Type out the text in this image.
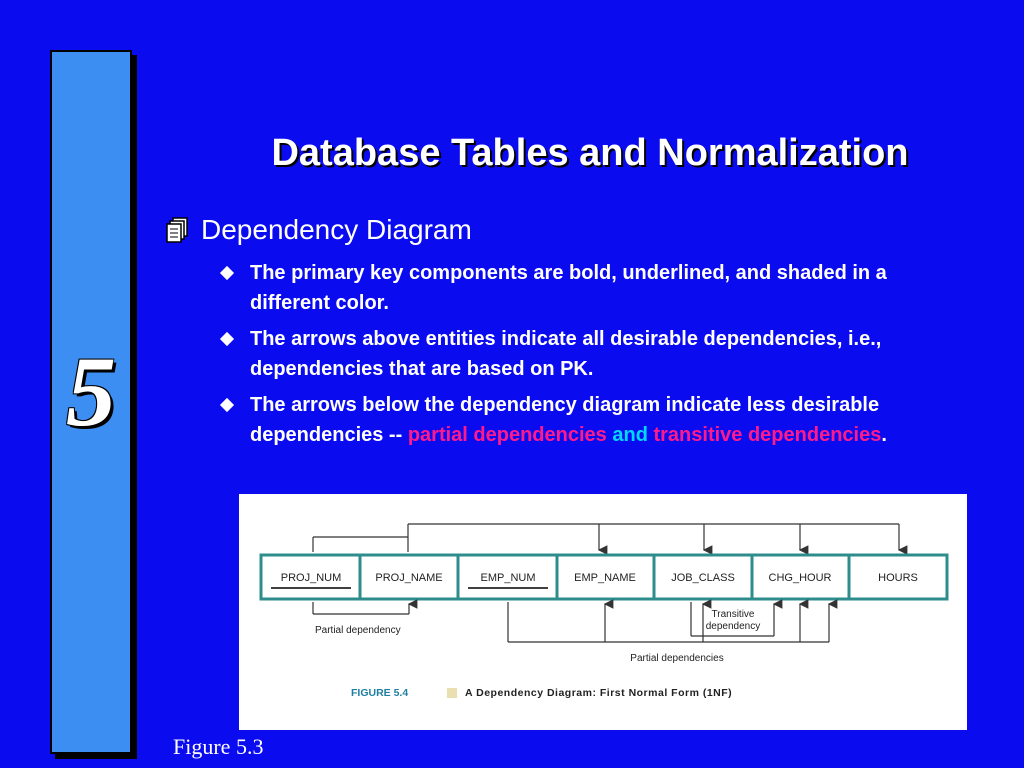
5
Database Tables and Normalization
Dependency Diagram
The primary key components are bold, underlined, and shaded in a different color.
The arrows above entities indicate all desirable dependencies, i.e., dependencies that are based on PK.
The arrows below the dependency diagram indicate less desirable dependencies -- partial dependencies and transitive dependencies.
PROJ_NUM	PROJ_NAME	EMP_NUM	EMP_NAME	JOB_CLASS	CHG_HOUR	HOURS
Partial dependency
Transitive
dependency
Partial dependencies
FIGURE 5.4	A Dependency Diagram: First Normal Form (1NF)
Figure 5.3
